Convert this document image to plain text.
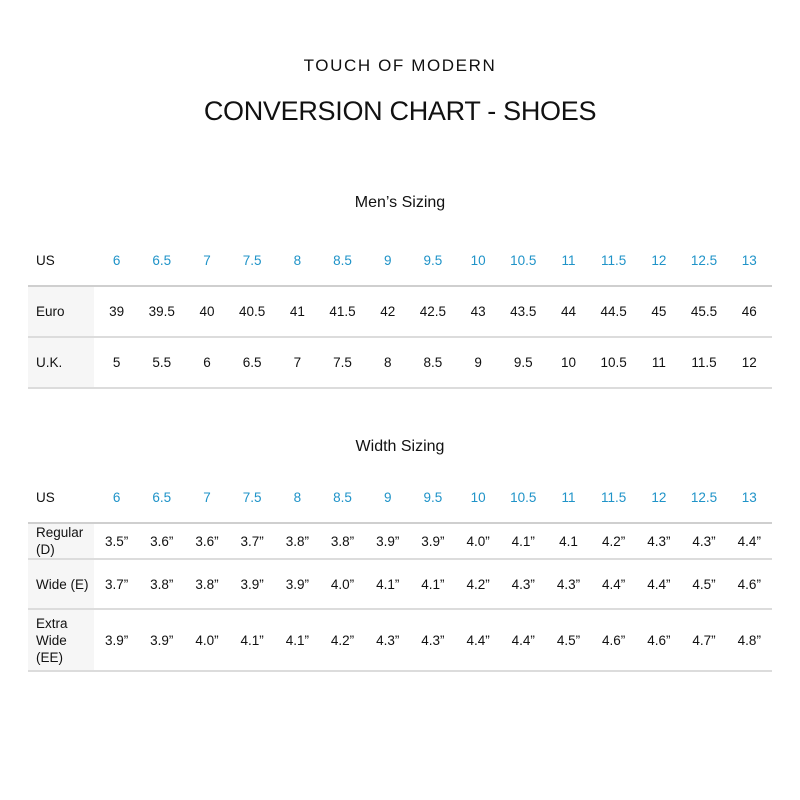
TOUCH OF MODERN
CONVERSION CHART - SHOES
Men’s Sizing
US	6	6.5	7	7.5	8	8.5	9	9.5	10	10.5	11	11.5	12	12.5	13
Euro	39	39.5	40	40.5	41	41.5	42	42.5	43	43.5	44	44.5	45	45.5	46
U.K.	5	5.5	6	6.5	7	7.5	8	8.5	9	9.5	10	10.5	11	11.5	12
Width Sizing
US	6	6.5	7	7.5	8	8.5	9	9.5	10	10.5	11	11.5	12	12.5	13
Regular (D)	3.5”	3.6”	3.6”	3.7”	3.8”	3.8”	3.9”	3.9”	4.0”	4.1”	4.1	4.2”	4.3”	4.3”	4.4”
Wide (E)	3.7”	3.8”	3.8”	3.9”	3.9”	4.0”	4.1”	4.1”	4.2”	4.3”	4.3”	4.4”	4.4”	4.5”	4.6”
Extra Wide (EE)	3.9”	3.9”	4.0”	4.1”	4.1”	4.2”	4.3”	4.3”	4.4”	4.4”	4.5”	4.6”	4.6”	4.7”	4.8”
